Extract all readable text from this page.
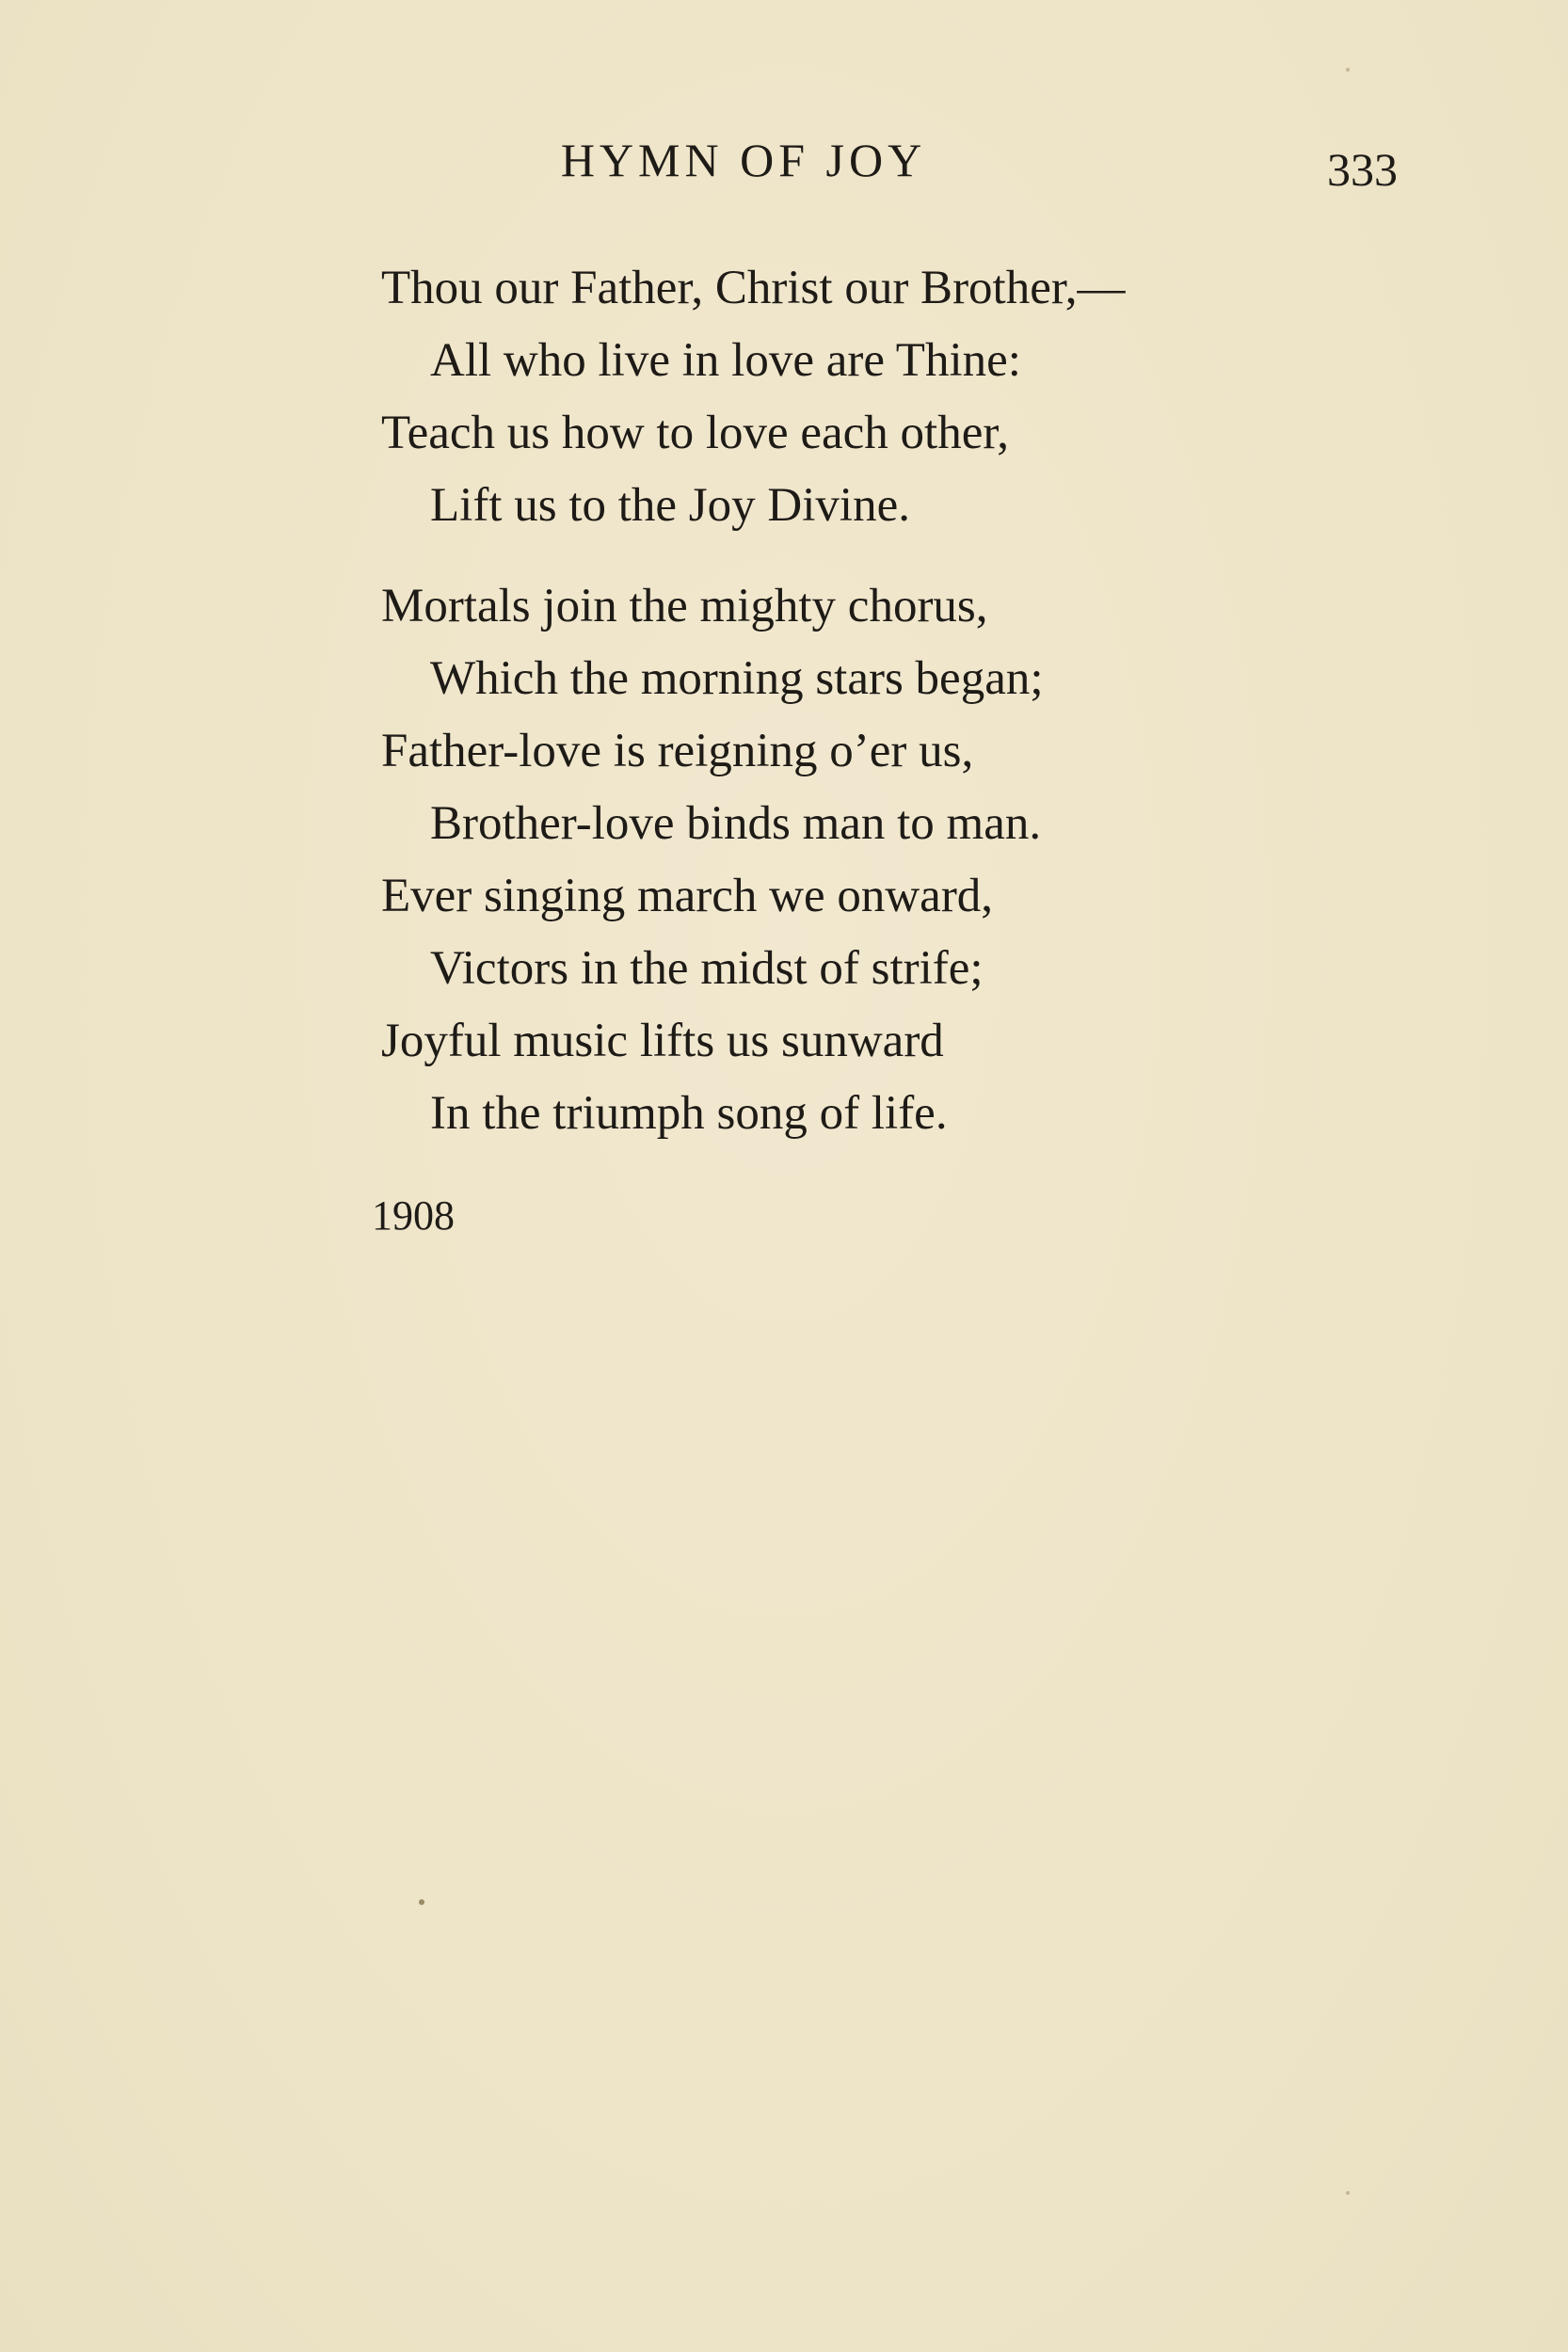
HYMN OF JOY	333
Thou our Father, Christ our Brother,—
All who live in love are Thine:
Teach us how to love each other,
Lift us to the Joy Divine.
Mortals join the mighty chorus,
Which the morning stars began;
Father-love is reigning o’er us,
Brother-love binds man to man.
Ever singing march we onward,
Victors in the midst of strife;
Joyful music lifts us sunward
In the triumph song of life.
1908
